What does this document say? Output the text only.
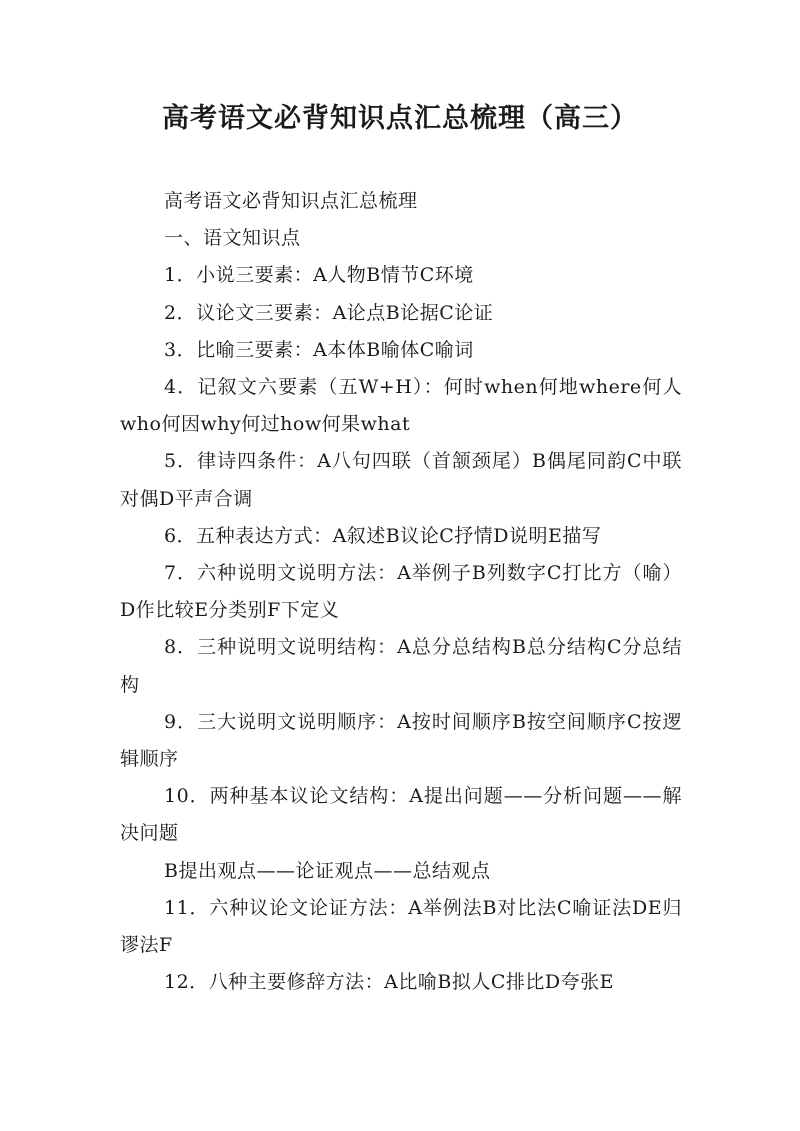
高考语文必背知识点汇总梳理（高三）

高考语文必背知识点汇总梳理

一、语文知识点

1．小说三要素：A人物B情节C环境

2．议论文三要素：A论点B论据C论证

3．比喻三要素：A本体B喻体C喻词

4．记叙文六要素（五W+H）：何时when何地where何人who何因why何过how何果what

5．律诗四条件：A八句四联（首颔颈尾）B偶尾同韵C中联对偶D平声合调

6．五种表达方式：A叙述B议论C抒情D说明E描写

7．六种说明文说明方法：A举例子B列数字C打比方（喻）D作比较E分类别F下定义

8．三种说明文说明结构：A总分总结构B总分结构C分总结构

9．三大说明文说明顺序：A按时间顺序B按空间顺序C按逻辑顺序

10．两种基本议论文结构：A提出问题——分析问题——解决问题

B提出观点——论证观点——总结观点

11．六种议论文论证方法：A举例法B对比法C喻证法DE归谬法F

12．八种主要修辞方法：A比喻B拟人C排比D夸张E
